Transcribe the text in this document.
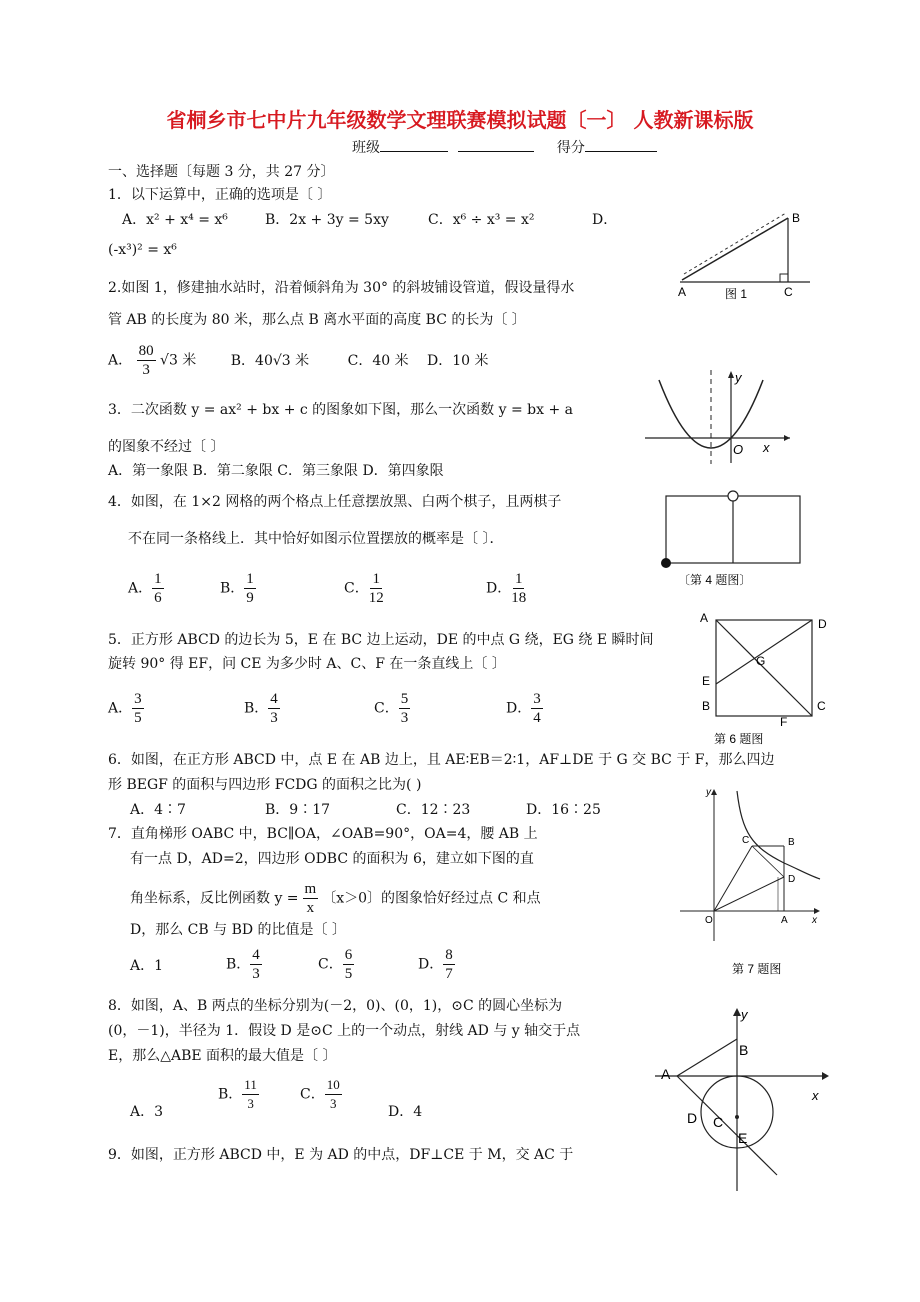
省桐乡市七中片九年级数学文理联赛模拟试题〔一〕 人教新课标版
班级	得分
一、选择题〔每题 3 分，共 27 分〕
1．以下运算中，正确的选项是〔 〕
A．x² + x⁴ = x⁶	B．2x + 3y = 5xy	C．x⁶ ÷ x³ = x²	D．
(-x³)² = x⁶
A
B
C
图 1
2.如图 1，修建抽水站时，沿着倾斜角为 30° 的斜坡铺设管道，假设量得水
管 AB 的长度为 80 米，那么点 B 离水平面的高度 BC 的长为〔 〕
A． $\frac{80}{3} √3$ 米 B．40√3 米	C．40 米 D．10 米
y
O x
3．二次函数 y = ax² + bx + c 的图象如下图，那么一次函数 y = bx + a
的图象不经过〔 〕
A．第一象限 B．第二象限 C．第三象限 D．第四象限
〔第 4 题图〕
4．如图，在 1×2 网格的两个格点上任意摆放黑、白两个棋子，且两棋子
不在同一条格线上．其中恰好如图示位置摆放的概率是〔 〕．
A． $\frac{1}{6}$	B． $\frac{1}{9}$	C． $\frac{1}{12}$	D． $\frac{1}{18}$
A	D
G
E
B	C
F
第 6 题图
5．正方形 ABCD 的边长为 5，E 在 BC 边上运动，DE 的中点 G 绕，EG 绕 E 瞬时间
旋转 90° 得 EF，问 CE 为多少时 A、C、F 在一条直线上〔 〕
A． $\frac{3}{5}$	B． $\frac{4}{3}$	C． $\frac{5}{3}$	D． $\frac{3}{4}$
6．如图，在正方形 ABCD 中，点 E 在 AB 边上，且 AE∶EB＝2∶1，AF⊥DE 于 G 交 BC 于 F，那么四边
形 BEGF 的面积与四边形 FCDG 的面积之比为( )
A．4∶7	B．9∶17	C．12∶23	D．16∶25
y
C	B
D
O	A x
第 7 题图
7．直角梯形 OABC 中，BC∥OA，∠OAB=90°，OA=4，腰 AB 上
有一点 D，AD=2，四边形 ODBC 的面积为 6，建立如下图的直
角坐标系，反比例函数 $y = \frac{m}{x}$ 〔x＞0〕的图象恰好经过点 C 和点
D，那么 CB 与 BD 的比值是〔 〕
A．1	B． $\frac{4}{3}$	C． $\frac{6}{5}$	D． $\frac{8}{7}$
y
B
A
x
D C
E
8．如图，A、B 两点的坐标分别为(－2，0)、(0，1)，⊙C 的圆心坐标为
(0，－1)，半径为 1．假设 D 是⊙C 上的一个动点，射线 AD 与 y 轴交于点
E，那么△ABE 面积的最大值是〔 〕
A．3
B． $\frac{11}{3}$	C． $\frac{10}{3}$	D．4
9．如图，正方形 ABCD 中，E 为 AD 的中点，DF⊥CE 于 M，交 AC 于
